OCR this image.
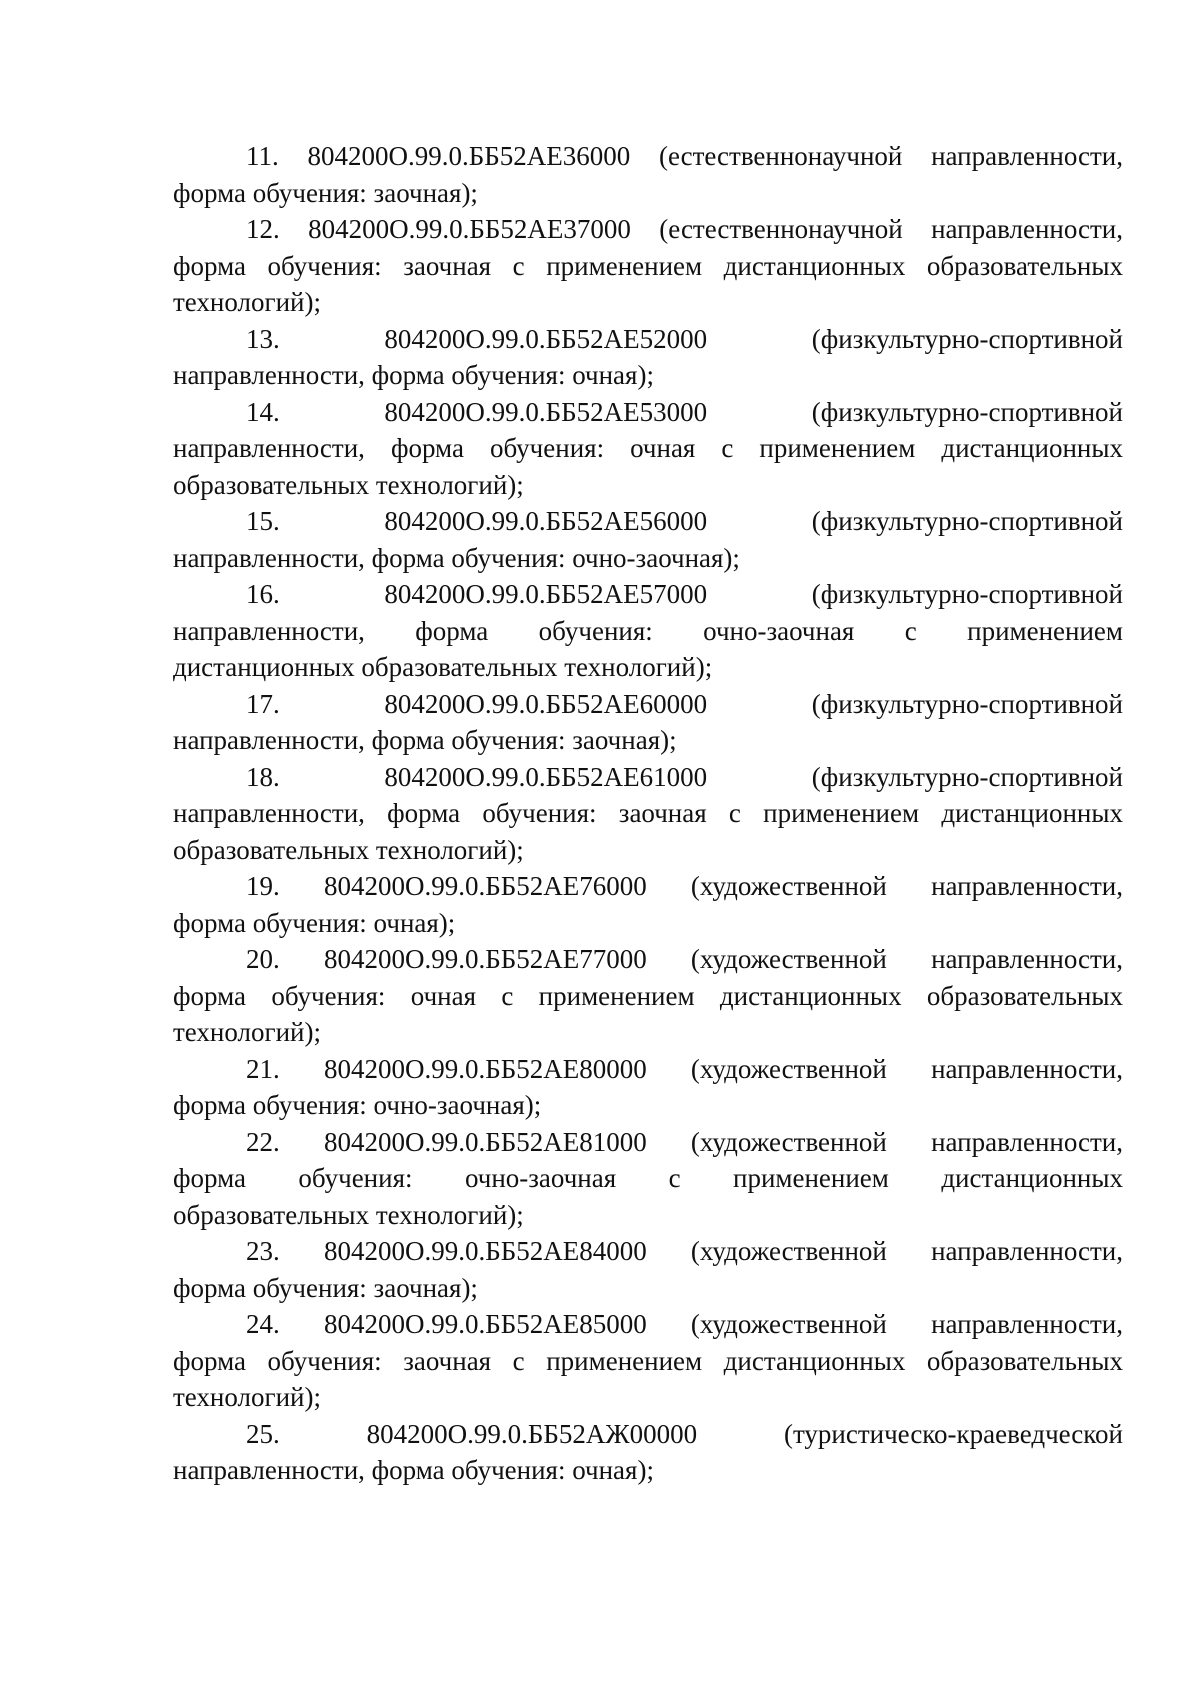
11. 804200О.99.0.ББ52АЕ36000 (естественнонаучной направленности,
форма обучения: заочная);
12. 804200О.99.0.ББ52АЕ37000 (естественнонаучной направленности,
форма обучения: заочная с применением дистанционных образовательных
технологий);
13. 804200О.99.0.ББ52АЕ52000 (физкультурно-спортивной
направленности, форма обучения: очная);
14. 804200О.99.0.ББ52АЕ53000 (физкультурно-спортивной
направленности, форма обучения: очная с применением дистанционных
образовательных технологий);
15. 804200О.99.0.ББ52АЕ56000 (физкультурно-спортивной
направленности, форма обучения: очно-заочная);
16. 804200О.99.0.ББ52АЕ57000 (физкультурно-спортивной
направленности, форма обучения: очно-заочная с применением
дистанционных образовательных технологий);
17. 804200О.99.0.ББ52АЕ60000 (физкультурно-спортивной
направленности, форма обучения: заочная);
18. 804200О.99.0.ББ52АЕ61000 (физкультурно-спортивной
направленности, форма обучения: заочная с применением дистанционных
образовательных технологий);
19. 804200О.99.0.ББ52АЕ76000 (художественной направленности,
форма обучения: очная);
20. 804200О.99.0.ББ52АЕ77000 (художественной направленности,
форма обучения: очная с применением дистанционных образовательных
технологий);
21. 804200О.99.0.ББ52АЕ80000 (художественной направленности,
форма обучения: очно-заочная);
22. 804200О.99.0.ББ52АЕ81000 (художественной направленности,
форма обучения: очно-заочная с применением дистанционных
образовательных технологий);
23. 804200О.99.0.ББ52АЕ84000 (художественной направленности,
форма обучения: заочная);
24. 804200О.99.0.ББ52АЕ85000 (художественной направленности,
форма обучения: заочная с применением дистанционных образовательных
технологий);
25. 804200О.99.0.ББ52АЖ00000 (туристическо-краеведческой
направленности, форма обучения: очная);
